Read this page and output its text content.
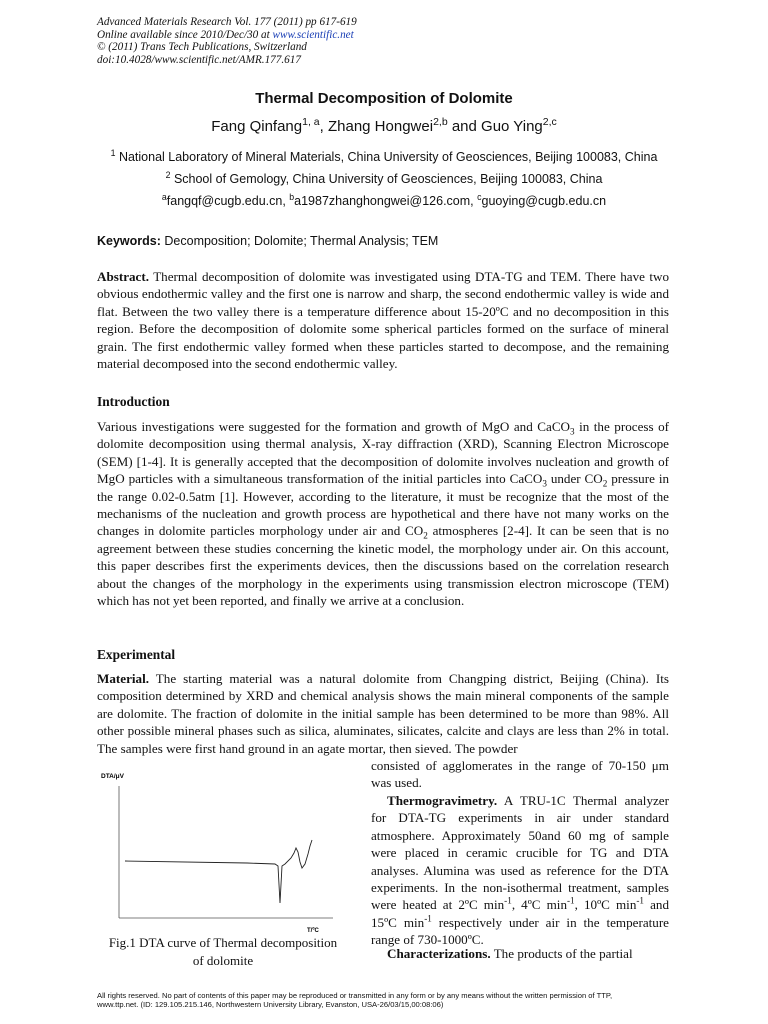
Advanced Materials Research Vol. 177 (2011) pp 617-619
Online available since 2010/Dec/30 at www.scientific.net
© (2011) Trans Tech Publications, Switzerland
doi:10.4028/www.scientific.net/AMR.177.617
Thermal Decomposition of Dolomite
Fang Qinfang$^{1, a}$, Zhang Hongwei$^{2,b}$ and Guo Ying$^{2,c}$
$^1$ National Laboratory of Mineral Materials, China University of Geosciences, Beijing 100083, China
$^2$ School of Gemology, China University of Geosciences, Beijing 100083, China
$^a$fangqf@cugb.edu.cn, $^b$a1987zhanghongwei@126.com, $^c$guoying@cugb.edu.cn
Keywords: Decomposition; Dolomite; Thermal Analysis; TEM

Abstract. Thermal decomposition of dolomite was investigated using DTA-TG and TEM. There have two obvious endothermic valley and the first one is narrow and sharp, the second endothermic valley is wide and flat. Between the two valley there is a temperature difference about 15-20ºC and no decomposition in this region. Before the decomposition of dolomite some spherical particles formed on the surface of mineral grain. The first endothermic valley formed when these particles started to decompose, and the remaining material decomposed into the second endothermic valley.

Introduction

Various investigations were suggested for the formation and growth of MgO and CaCO$_3$ in the process of dolomite decomposition using thermal analysis, X-ray diffraction (XRD), Scanning Electron Microscope (SEM) [1-4]. It is generally accepted that the decomposition of dolomite involves nucleation and growth of MgO particles with a simultaneous transformation of the initial particles into CaCO$_3$ under $CO_2$ pressure in the range 0.02-0.5atm [1]. However, according to the literature, it must be recognize that the most of the mechanisms of the nucleation and growth process are hypothetical and there have not many works on the changes in dolomite particles morphology under air and $CO_2$ atmospheres [2-4]. It can be seen that is no agreement between these studies concerning the kinetic model, the morphology under air. On this account, this paper describes first the experiments devices, then the discussions based on the correlation research about the changes of the morphology in the experiments using transmission electron microscope (TEM) which has not yet been reported, and finally we arrive at a conclusion.

Experimental

Material. The starting material was a natural dolomite from Changping district, Beijing (China). Its composition determined by XRD and chemical analysis shows the main mineral components of the sample are dolomite. The fraction of dolomite in the initial sample has been determined to be more than 98%. All other possible mineral phases such as silica, aluminates, silicates, calcite and clays are less than 2% in total. The samples were first hand ground in an agate mortar, then sieved. The powder

consisted of agglomerates in the range of 70-150 μm was used.

Thermogravimetry. A TRU-1C Thermal analyzer for DTA-TG experiments in air under standard atmosphere. Approximately 50and 60 mg of sample were placed in ceramic crucible for TG and DTA analyses. Alumina was used as reference for the DTA experiments. In the non-isothermal treatment, samples were heated at 2ºC $\min^{-1}$, 4ºC $\min^{-1}$, 10ºC $\min^{-1}$ and 15ºC $\min^{-1}$ respectively under air in the temperature range of 730-1000ºC.

Characterizations. The products of the partial

DTA/μV
T/ºC
Fig.1 DTA curve of Thermal decomposition
of dolomite
All rights reserved. No part of contents of this paper may be reproduced or transmitted in any form or by any means without the written permission of TTP,
www.ttp.net. (ID: 129.105.215.146, Northwestern University Library, Evanston, USA-26/03/15,00:08:06)
